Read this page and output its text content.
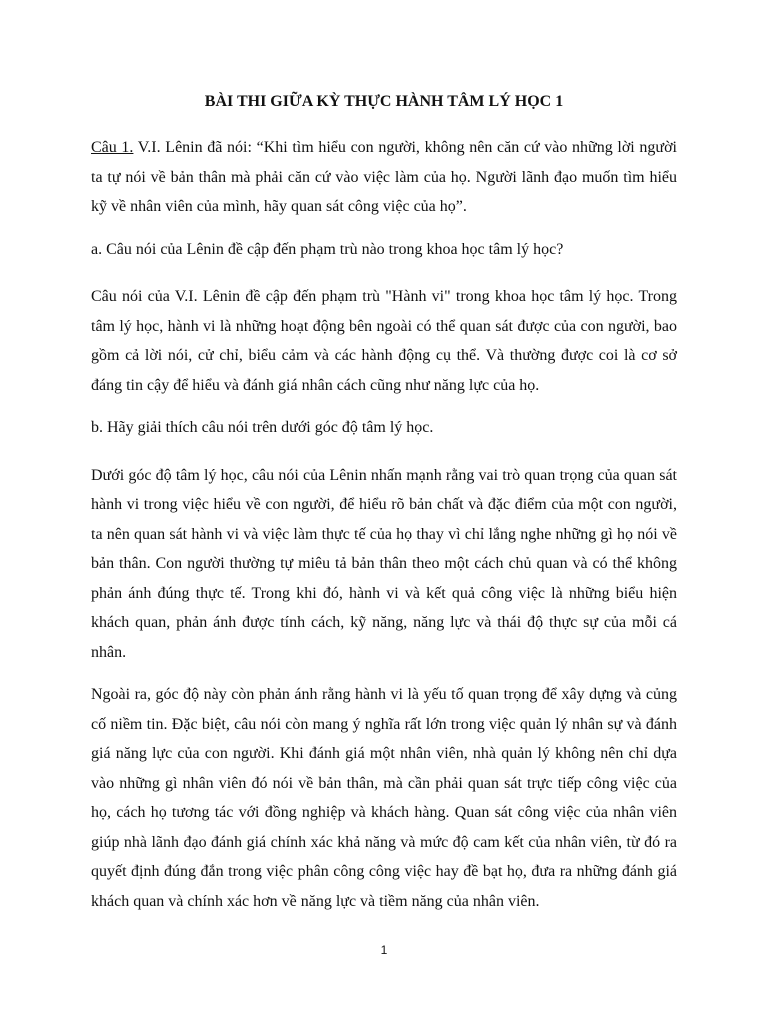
BÀI THI GIỮA KỲ THỰC HÀNH TÂM LÝ HỌC 1

Câu 1. V.I. Lênin đã nói: “Khi tìm hiểu con người, không nên căn cứ vào những lời người ta tự nói về bản thân mà phải căn cứ vào việc làm của họ. Người lãnh đạo muốn tìm hiểu kỹ về nhân viên của mình, hãy quan sát công việc của họ”.

a. Câu nói của Lênin đề cập đến phạm trù nào trong khoa học tâm lý học?

Câu nói của V.I. Lênin đề cập đến phạm trù "Hành vi" trong khoa học tâm lý học. Trong tâm lý học, hành vi là những hoạt động bên ngoài có thể quan sát được của con người, bao gồm cả lời nói, cử chỉ, biểu cảm và các hành động cụ thể. Và thường được coi là cơ sở đáng tin cậy để hiểu và đánh giá nhân cách cũng như năng lực của họ.

b. Hãy giải thích câu nói trên dưới góc độ tâm lý học.

Dưới góc độ tâm lý học, câu nói của Lênin nhấn mạnh rằng vai trò quan trọng của quan sát hành vi trong việc hiểu về con người, để hiểu rõ bản chất và đặc điểm của một con người, ta nên quan sát hành vi và việc làm thực tế của họ thay vì chỉ lắng nghe những gì họ nói về bản thân. Con người thường tự miêu tả bản thân theo một cách chủ quan và có thể không phản ánh đúng thực tế. Trong khi đó, hành vi và kết quả công việc là những biểu hiện khách quan, phản ánh được tính cách, kỹ năng, năng lực và thái độ thực sự của mỗi cá nhân.

Ngoài ra, góc độ này còn phản ánh rằng hành vi là yếu tố quan trọng để xây dựng và củng cố niềm tin. Đặc biệt, câu nói còn mang ý nghĩa rất lớn trong việc quản lý nhân sự và đánh giá năng lực của con người. Khi đánh giá một nhân viên, nhà quản lý không nên chỉ dựa vào những gì nhân viên đó nói về bản thân, mà cần phải quan sát trực tiếp công việc của họ, cách họ tương tác với đồng nghiệp và khách hàng. Quan sát công việc của nhân viên giúp nhà lãnh đạo đánh giá chính xác khả năng và mức độ cam kết của nhân viên, từ đó ra quyết định đúng đắn trong việc phân công công việc hay đề bạt họ, đưa ra những đánh giá khách quan và chính xác hơn về năng lực và tiềm năng của nhân viên.

1
